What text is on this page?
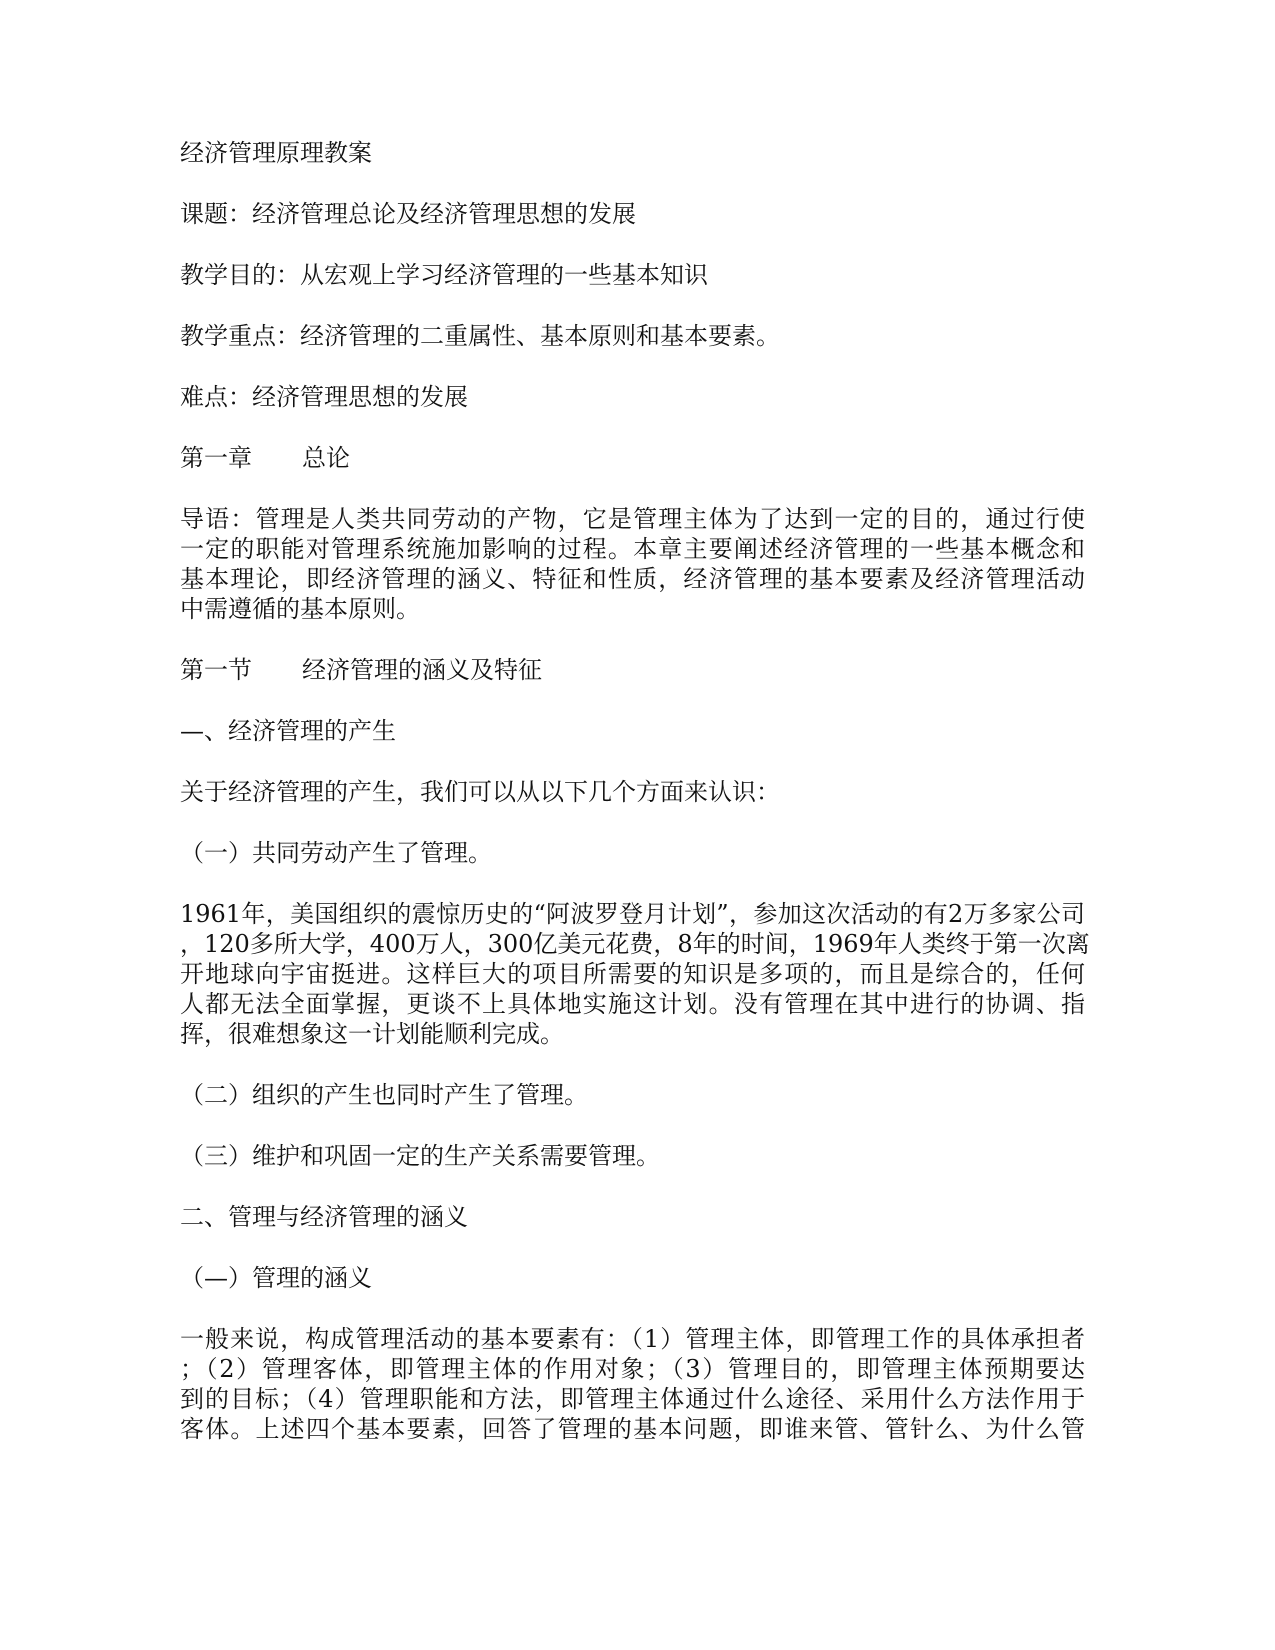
经济管理原理教案
课题：经济管理总论及经济管理思想的发展
教学目的：从宏观上学习经济管理的一些基本知识
教学重点：经济管理的二重属性、基本原则和基本要素。
难点：经济管理思想的发展
第一章 总论
导语：管理是人类共同劳动的产物，它是管理主体为了达到一定的目的，通过行使
一定的职能对管理系统施加影响的过程。本章主要阐述经济管理的一些基本概念和
基本理论，即经济管理的涵义、特征和性质，经济管理的基本要素及经济管理活动
中需遵循的基本原则。
第一节 经济管理的涵义及特征
—、经济管理的产生
关于经济管理的产生，我们可以从以下几个方面来认识：
（一）共同劳动产生了管理。
1961年，美国组织的震惊历史的“阿波罗登月计划”，参加这次活动的有2万多家公司
，120多所大学，400万人，300亿美元花费，8年的时间，1969年人类终于第一次离
开地球向宇宙挺进。这样巨大的项目所需要的知识是多项的，而且是综合的，任何
人都无法全面掌握，更谈不上具体地实施这计划。没有管理在其中进行的协调、指
挥，很难想象这一计划能顺利完成。
（二）组织的产生也同时产生了管理。
（三）维护和巩固一定的生产关系需要管理。
二、管理与经济管理的涵义
（—）管理的涵义
一般来说，构成管理活动的基本要素有：（1）管理主体，即管理工作的具体承担者
；（2）管理客体，即管理主体的作用对象；（3）管理目的，即管理主体预期要达
到的目标；（4）管理职能和方法，即管理主体通过什么途径、采用什么方法作用于
客体。上述四个基本要素，回答了管理的基本问题，即谁来管、管针么、为什么管
